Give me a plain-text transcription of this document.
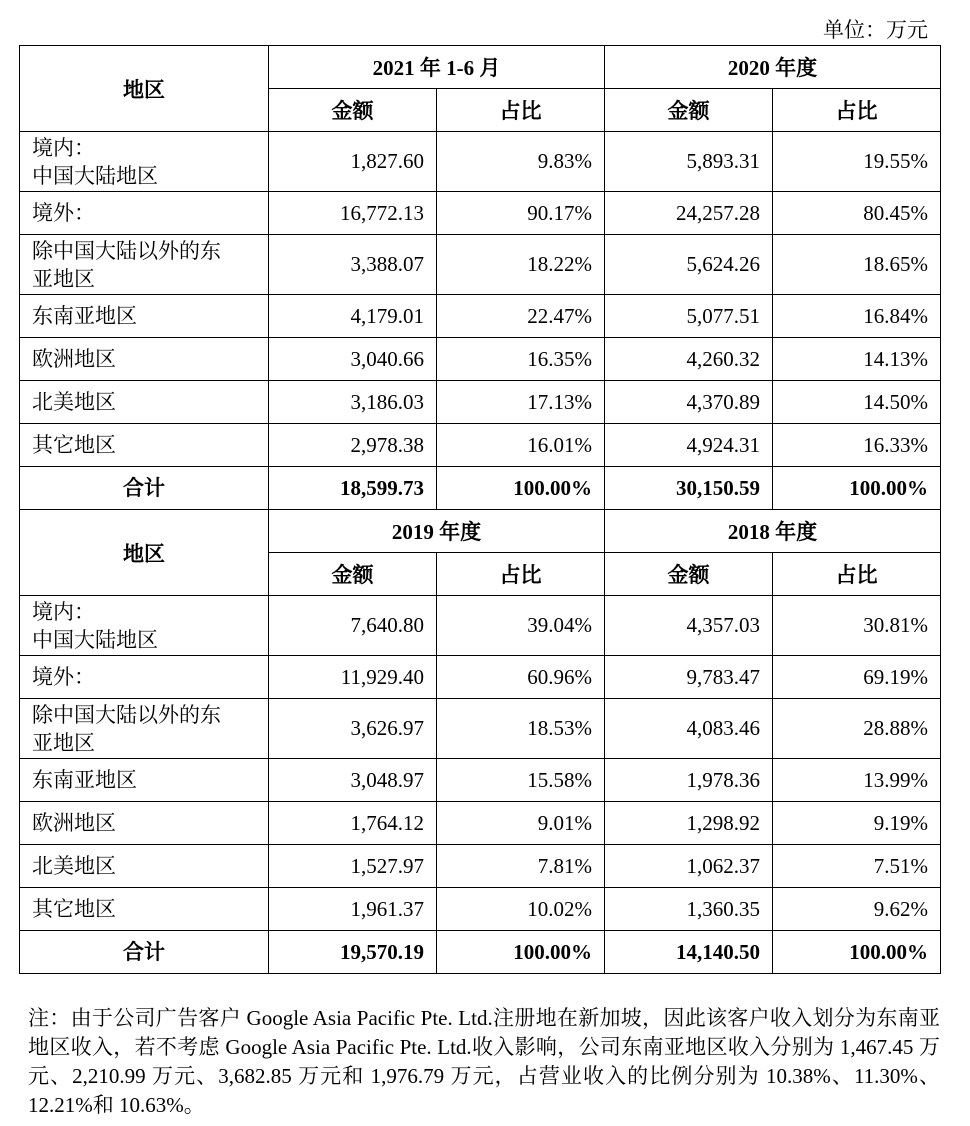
单位：万元
地区	2021 年 1-6 月		2020 年度	
	金额	占比	金额	占比
境内：
中国大陆地区	1,827.60	9.83%	5,893.31	19.55%
境外：	16,772.13	90.17%	24,257.28	80.45%
除中国大陆以外的东
亚地区	3,388.07	18.22%	5,624.26	18.65%
东南亚地区	4,179.01	22.47%	5,077.51	16.84%
欧洲地区	3,040.66	16.35%	4,260.32	14.13%
北美地区	3,186.03	17.13%	4,370.89	14.50%
其它地区	2,978.38	16.01%	4,924.31	16.33%
合计	18,599.73	100.00%	30,150.59	100.00%
地区	2019 年度		2018 年度	
	金额	占比	金额	占比
境内：
中国大陆地区	7,640.80	39.04%	4,357.03	30.81%
境外：	11,929.40	60.96%	9,783.47	69.19%
除中国大陆以外的东
亚地区	3,626.97	18.53%	4,083.46	28.88%
东南亚地区	3,048.97	15.58%	1,978.36	13.99%
欧洲地区	1,764.12	9.01%	1,298.92	9.19%
北美地区	1,527.97	7.81%	1,062.37	7.51%
其它地区	1,961.37	10.02%	1,360.35	9.62%
合计	19,570.19	100.00%	14,140.50	100.00%
注：由于公司广告客户 Google Asia Pacific Pte. Ltd.注册地在新加坡，因此该客户收入划分为东南亚地区收入，若不考虑 Google Asia Pacific Pte. Ltd.收入影响，公司东南亚地区收入分别为 1,467.45 万元、2,210.99 万元、3,682.85 万元和 1,976.79 万元，占营业收入的比例分别为 10.38%、11.30%、12.21%和 10.63%。
